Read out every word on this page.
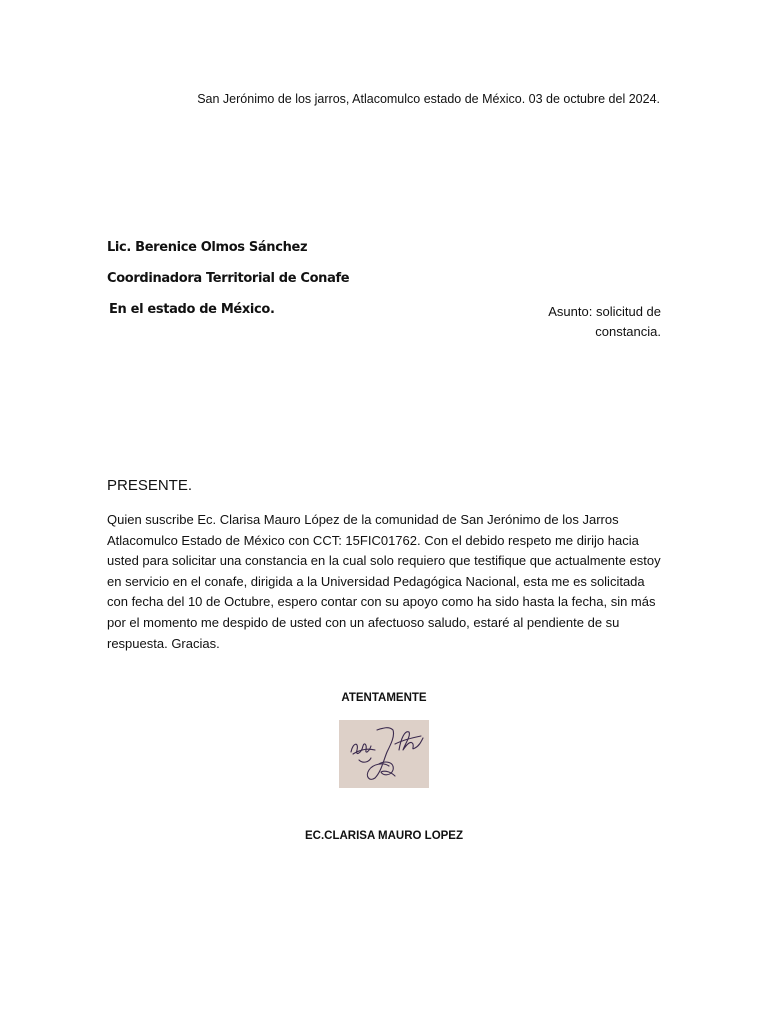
San Jerónimo de los jarros, Atlacomulco estado de México. 03 de octubre del 2024.
Lic. Berenice Olmos Sánchez
Coordinadora Territorial de Conafe
En el estado de México.	Asunto: solicitud de
constancia.
PRESENTE.
Quien suscribe Ec. Clarisa Mauro López de la comunidad de San Jerónimo de los Jarros Atlacomulco Estado de México con CCT: 15FIC01762. Con el debido respeto me dirijo hacia usted para solicitar una constancia en la cual solo requiero que testifique que actualmente estoy en servicio en el conafe, dirigida a la Universidad Pedagógica Nacional, esta me es solicitada con fecha del 10 de Octubre, espero contar con su apoyo como ha sido hasta la fecha, sin más por el momento me despido de usted con un afectuoso saludo, estaré al pendiente de su respuesta. Gracias.
ATENTAMENTE
EC.CLARISA MAURO LOPEZ
